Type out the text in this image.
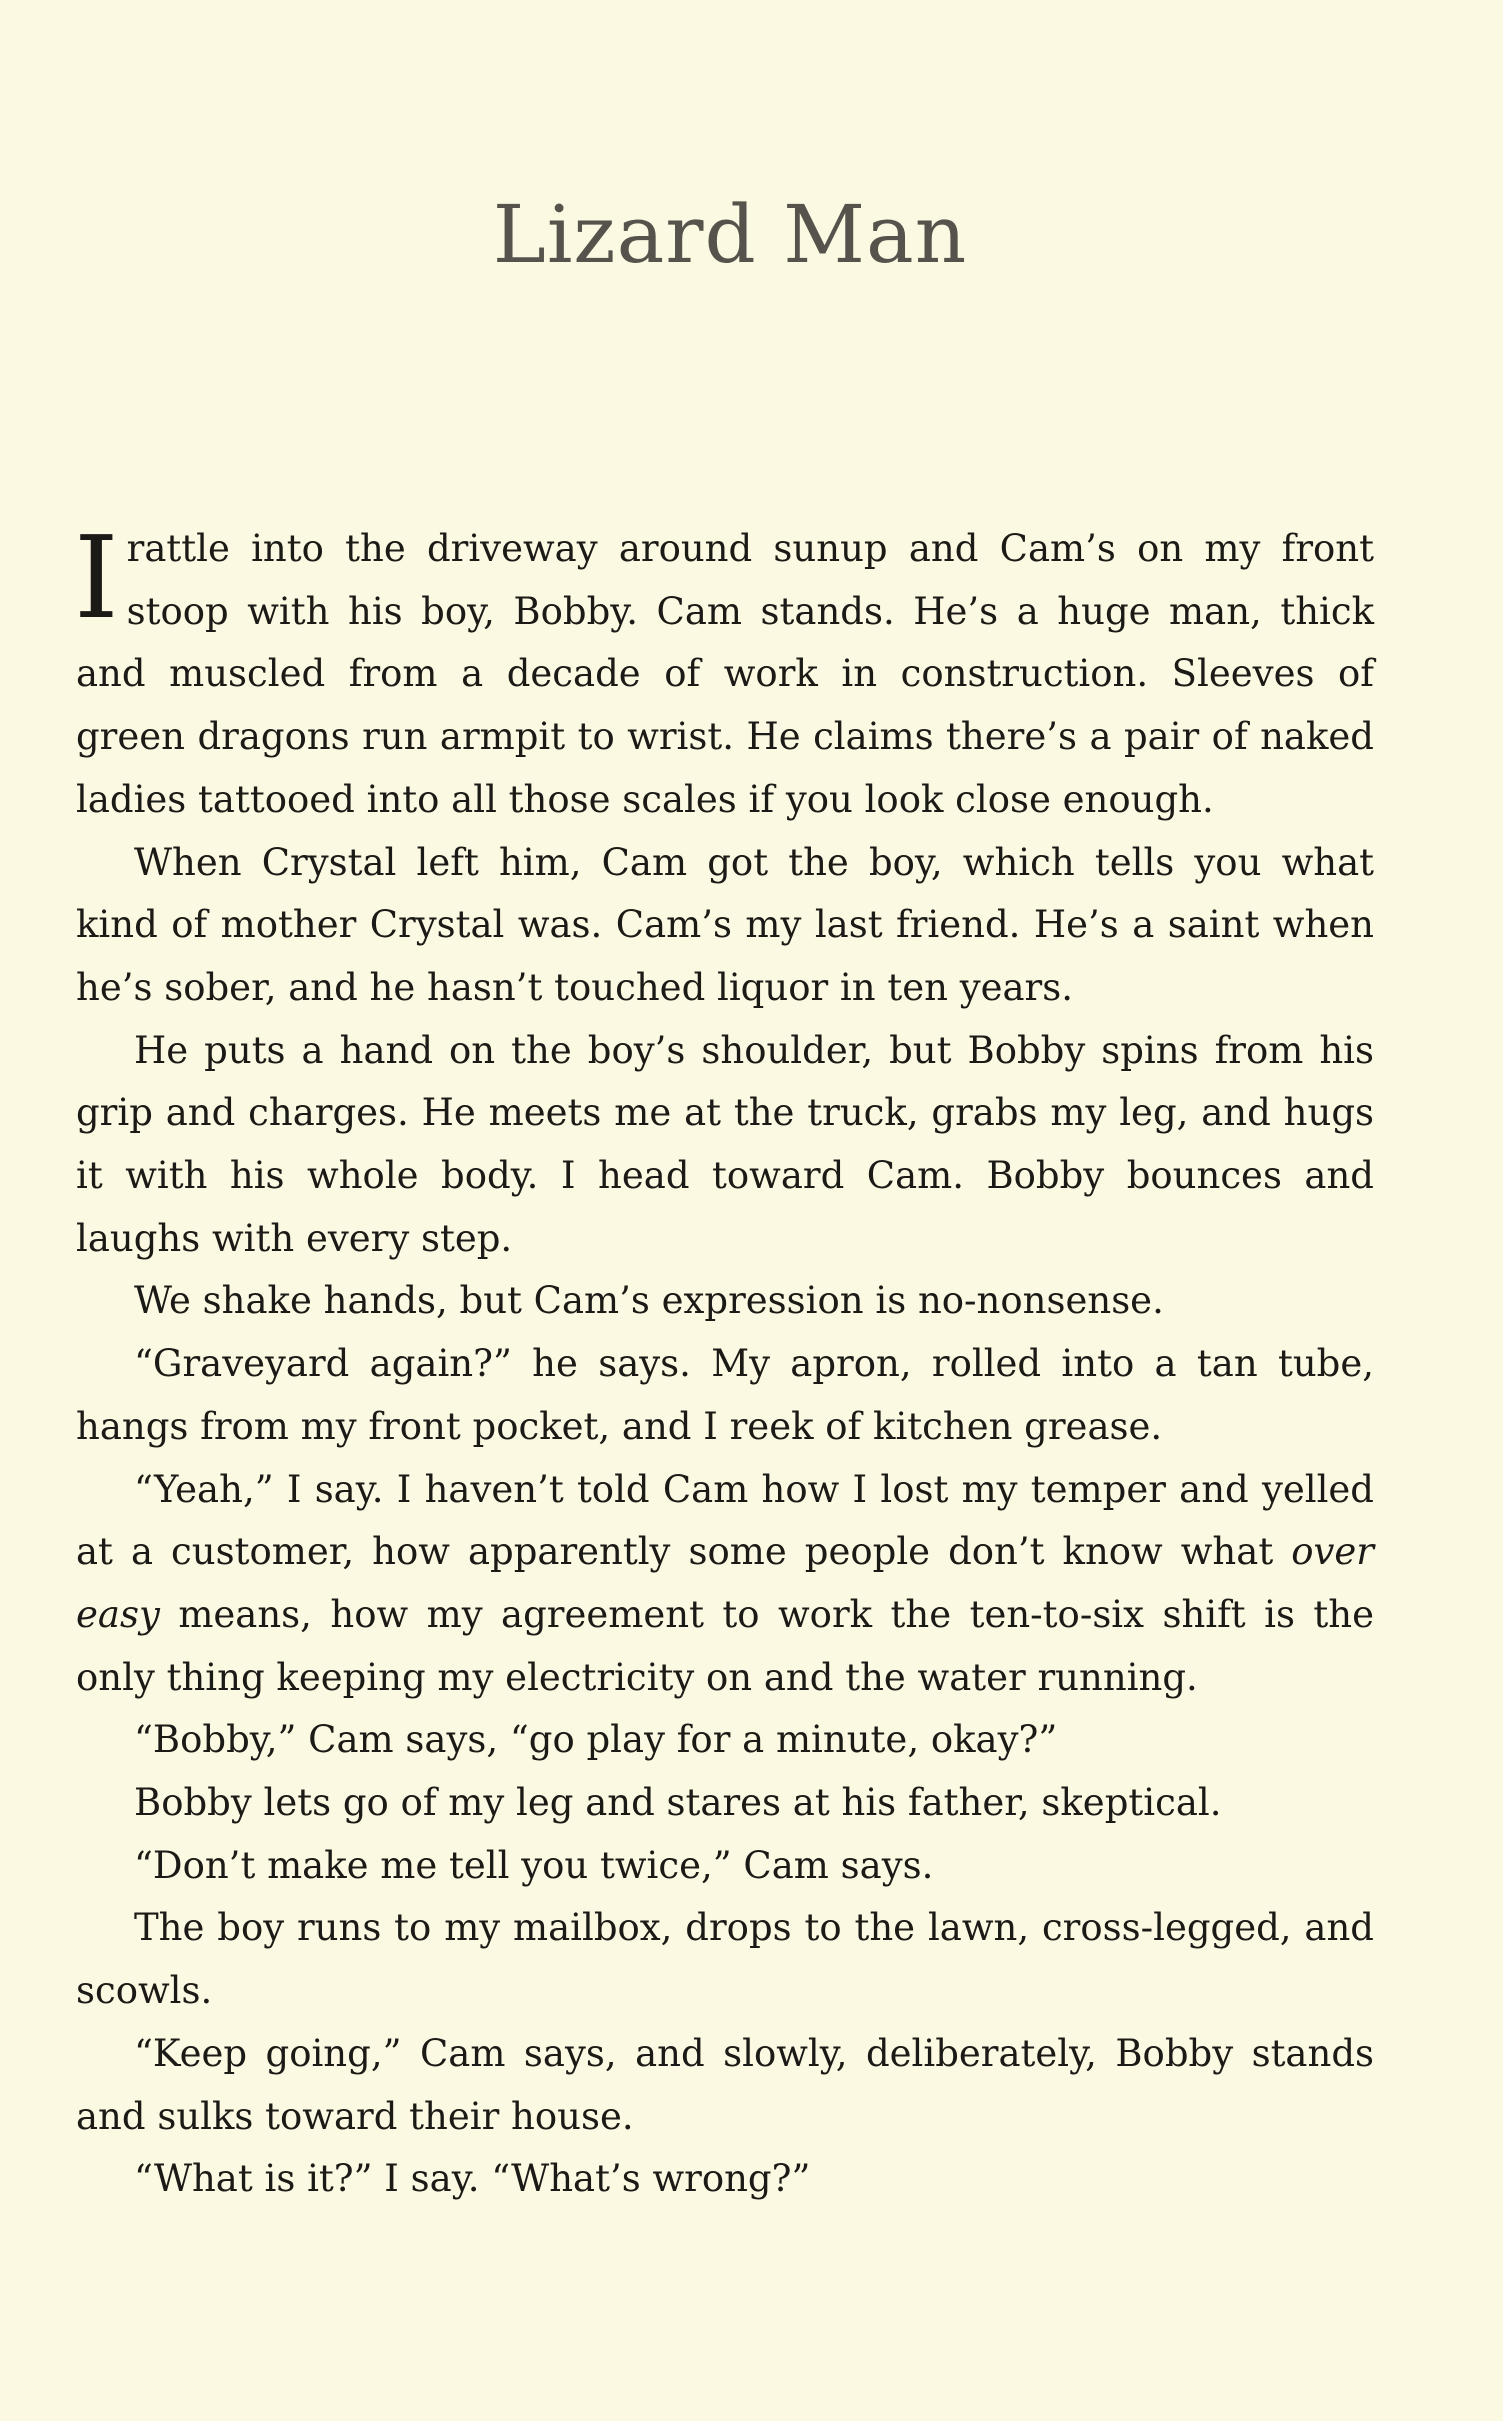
Lizard Man

Irattle into the driveway around sunup and Cam’s on my front stoop with his boy, Bobby. Cam stands. He’s a huge man, thick and muscled from a decade of work in construction. Sleeves of green dragons run armpit to wrist. He claims there’s a pair of naked ladies tattooed into all those scales if you look close enough.

When Crystal left him, Cam got the boy, which tells you what kind of mother Crystal was. Cam’s my last friend. He’s a saint when he’s sober, and he hasn’t touched liquor in ten years.

He puts a hand on the boy’s shoulder, but Bobby spins from his grip and charges. He meets me at the truck, grabs my leg, and hugs it with his whole body. I head toward Cam. Bobby bounces and laughs with every step.

We shake hands, but Cam’s expression is no-nonsense.

“Graveyard again?” he says. My apron, rolled into a tan tube, hangs from my front pocket, and I reek of kitchen grease.

“Yeah,” I say. I haven’t told Cam how I lost my temper and yelled at a customer, how apparently some people don’t know what over easy means, how my agreement to work the ten-to-six shift is the only thing keeping my electricity on and the water running.

“Bobby,” Cam says, “go play for a minute, okay?”

Bobby lets go of my leg and stares at his father, skeptical.

“Don’t make me tell you twice,” Cam says.

The boy runs to my mailbox, drops to the lawn, cross-legged, and scowls.

“Keep going,” Cam says, and slowly, deliberately, Bobby stands and sulks toward their house.

“What is it?” I say. “What’s wrong?”
